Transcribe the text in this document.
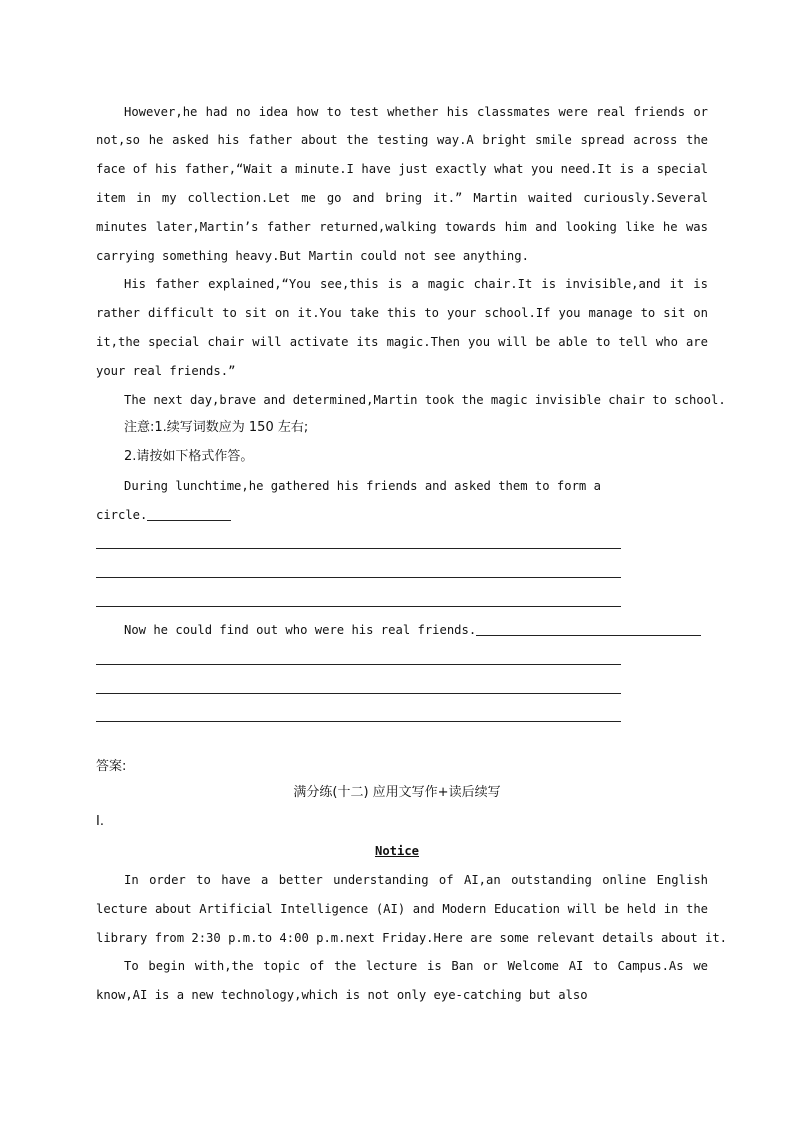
However,he had no idea how to test whether his classmates were real friends or
not,so he asked his father about the testing way.A bright smile spread across the
face of his father,“Wait a minute.I have just exactly what you need.It is a special
item in my collection.Let me go and bring it.” Martin waited curiously.Several
minutes later,Martin’s father returned,walking towards him and looking like he was
carrying something heavy.But Martin could not see anything.
His father explained,“You see,this is a magic chair.It is invisible,and it is
rather difficult to sit on it.You take this to your school.If you manage to sit on
it,the special chair will activate its magic.Then you will be able to tell who are
your real friends.”
The next day,brave and determined,Martin took the magic invisible chair to school.
注意:1.续写词数应为 150 左右;
2.请按如下格式作答。
During lunchtime,he gathered his friends and asked them to form a
circle.
Now he could find out who were his real friends.
答案:
满分练(十二) 应用文写作+读后续写
Ⅰ.
Notice
In order to have a better understanding of AI,an outstanding online English
lecture about Artificial Intelligence (AI) and Modern Education will be held in the
library from 2:30 p.m.to 4:00 p.m.next Friday.Here are some relevant details about it.
To begin with,the topic of the lecture is Ban or Welcome AI to Campus.As we
know,AI is a new technology,which is not only eye-catching but also
